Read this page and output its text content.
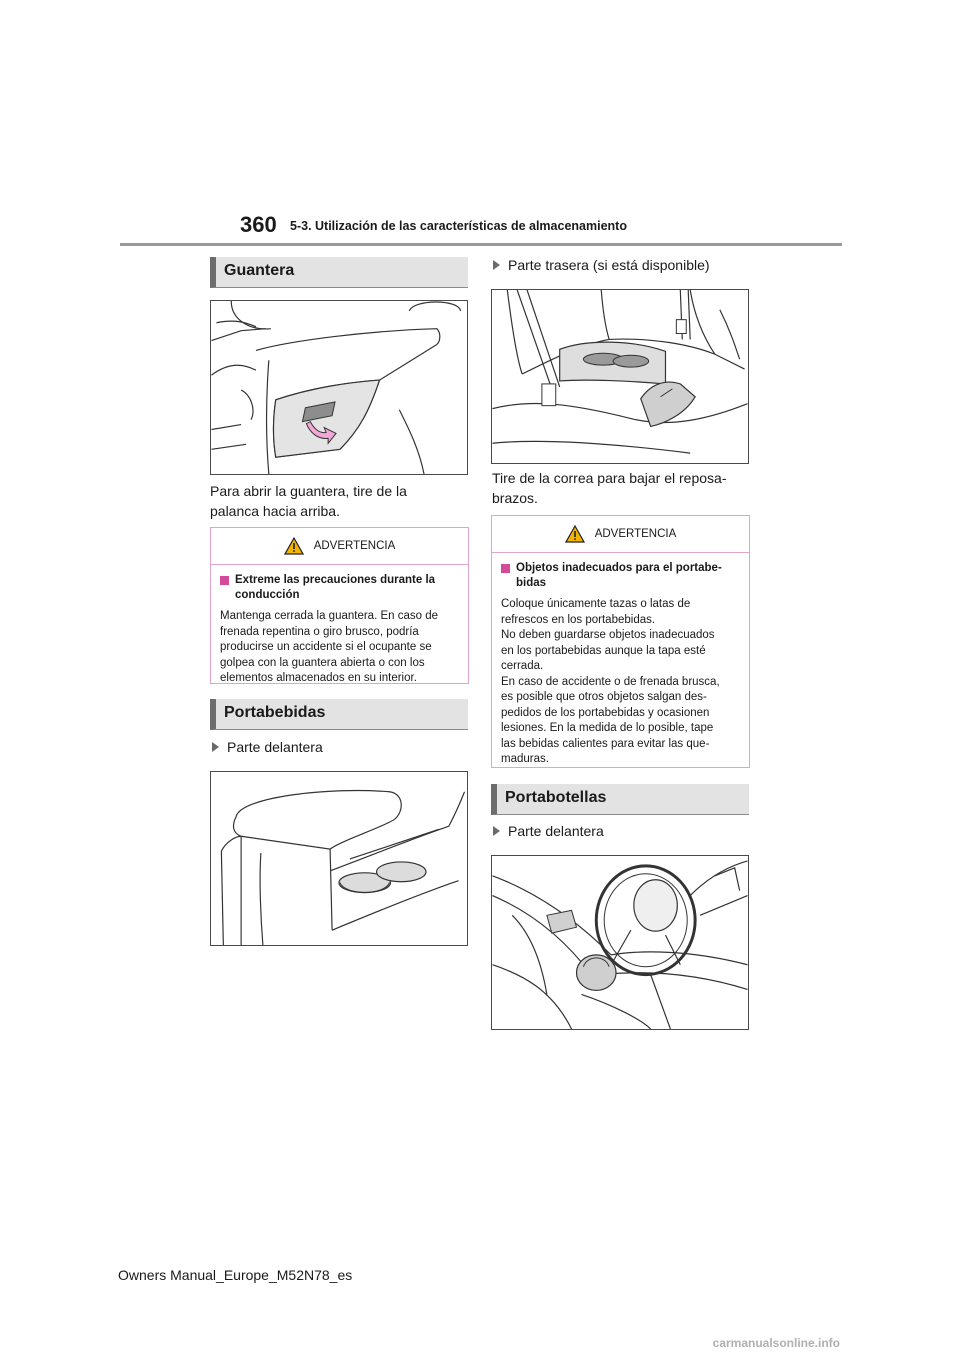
360 5-3. Utilización de las características de almacenamiento
Guantera
Para abrir la guantera, tire de la
palanca hacia arriba.
ADVERTENCIA
Extreme las precauciones durante la
conducción
Mantenga cerrada la guantera. En caso de
frenada repentina o giro brusco, podría
producirse un accidente si el ocupante se
golpea con la guantera abierta o con los
elementos almacenados en su interior.
Portabebidas
Parte delantera
Parte trasera (si está disponible)
Tire de la correa para bajar el reposa-
brazos.
ADVERTENCIA
Objetos inadecuados para el portabe-
bidas
Coloque únicamente tazas o latas de
refrescos en los portabebidas.
No deben guardarse objetos inadecuados
en los portabebidas aunque la tapa esté
cerrada.
En caso de accidente o de frenada brusca,
es posible que otros objetos salgan des-
pedidos de los portabebidas y ocasionen
lesiones. En la medida de lo posible, tape
las bebidas calientes para evitar las que-
maduras.
Portabotellas
Parte delantera
Owners Manual_Europe_M52N78_es
carmanualsonline.info
